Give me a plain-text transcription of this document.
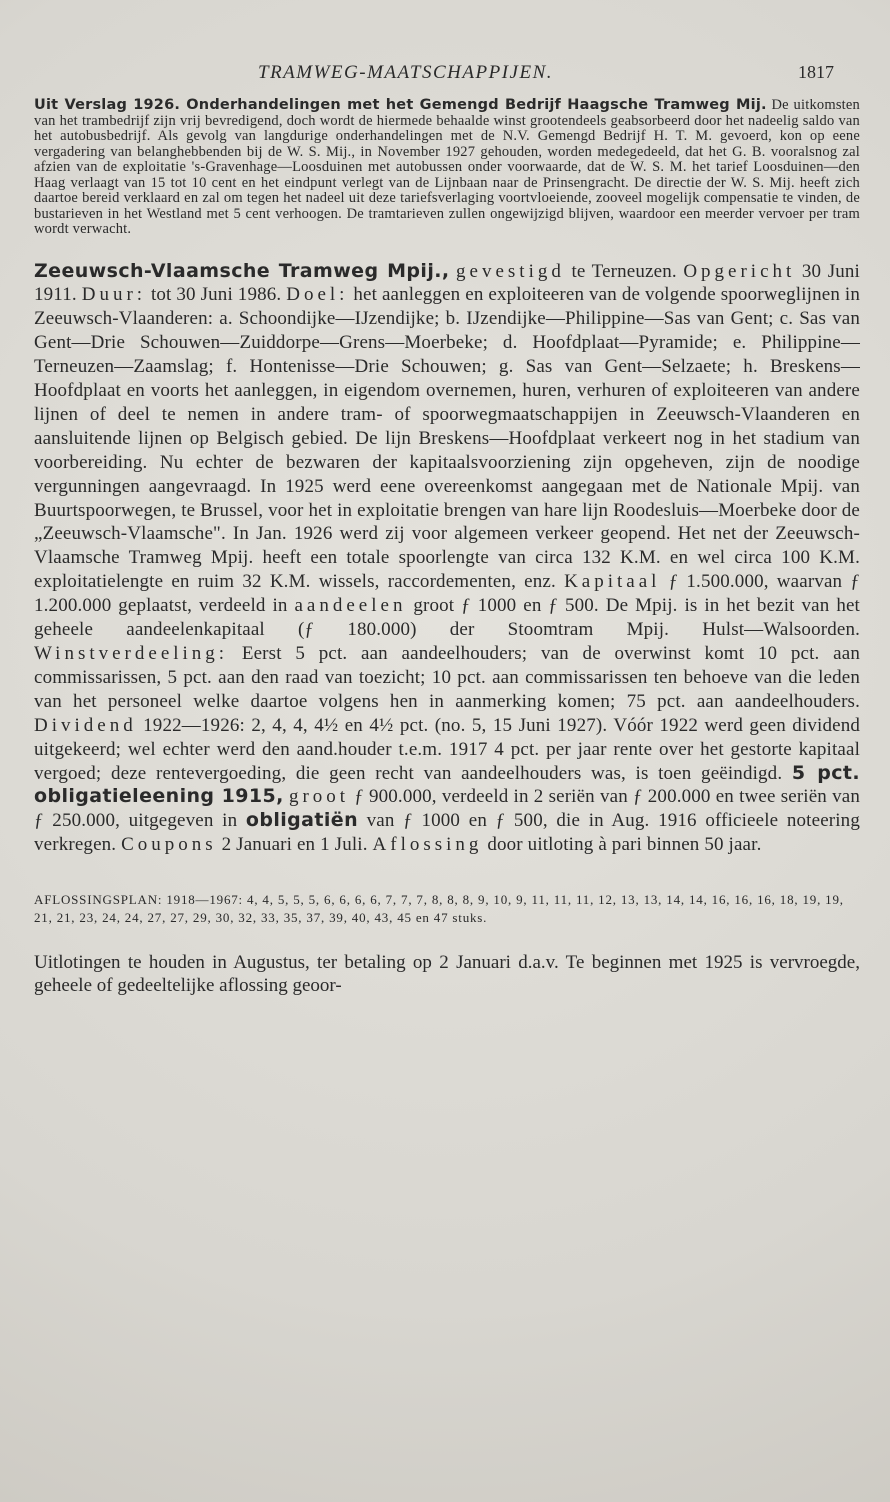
TRAMWEG-MAATSCHAPPIJEN.	1817

Uit Verslag 1926. Onderhandelingen met het Gemengd Bedrijf Haagsche Tramweg Mij. De uitkomsten van het trambedrijf zijn vrij bevredigend, doch wordt de hiermede behaalde winst grootendeels geabsorbeerd door het nadeelig saldo van het autobusbedrijf. Als gevolg van langdurige onderhandelingen met de N.V. Gemengd Bedrijf H. T. M. gevoerd, kon op eene vergadering van belanghebbenden bij de W. S. Mij., in November 1927 gehouden, worden medegedeeld, dat het G. B. vooralsnog zal afzien van de exploitatie 's-Gravenhage—Loosduinen met autobussen onder voorwaarde, dat de W. S. M. het tarief Loosduinen—den Haag verlaagt van 15 tot 10 cent en het eindpunt verlegt van de Lijnbaan naar de Prinsengracht. De directie der W. S. Mij. heeft zich daartoe bereid verklaard en zal om tegen het nadeel uit deze tariefsverlaging voortvloeiende, zooveel mogelijk compensatie te vinden, de bustarieven in het Westland met 5 cent verhoogen. De tramtarieven zullen ongewijzigd blijven, waardoor een meerder vervoer per tram wordt verwacht.

Zeeuwsch-Vlaamsche Tramweg Mpij., gevestigd te Terneuzen. Opgericht 30 Juni 1911. Duur: tot 30 Juni 1986. Doel: het aanleggen en exploiteeren van de volgende spoorweglijnen in Zeeuwsch-Vlaanderen: a. Schoondijke—IJzendijke; b. IJzendijke—Philippine—Sas van Gent; c. Sas van Gent—Drie Schouwen—Zuiddorpe—Grens—Moerbeke; d. Hoofdplaat—Pyramide; e. Philippine—Terneuzen—Zaamslag; f. Hontenisse—Drie Schouwen; g. Sas van Gent—Selzaete; h. Breskens—Hoofdplaat en voorts het aanleggen, in eigendom overnemen, huren, verhuren of exploiteeren van andere lijnen of deel te nemen in andere tram- of spoorwegmaatschappijen in Zeeuwsch-Vlaanderen en aansluitende lijnen op Belgisch gebied. De lijn Breskens—Hoofdplaat verkeert nog in het stadium van voorbereiding. Nu echter de bezwaren der kapitaalsvoorziening zijn opgeheven, zijn de noodige vergunningen aangevraagd. In 1925 werd eene overeenkomst aangegaan met de Nationale Mpij. van Buurtspoorwegen, te Brussel, voor het in exploitatie brengen van hare lijn Roodesluis—Moerbeke door de „Zeeuwsch-Vlaamsche". In Jan. 1926 werd zij voor algemeen verkeer geopend. Het net der Zeeuwsch-Vlaamsche Tramweg Mpij. heeft een totale spoorlengte van circa 132 K.M. en wel circa 100 K.M. exploitatielengte en ruim 32 K.M. wissels, raccordementen, enz. Kapitaal ƒ 1.500.000, waarvan ƒ 1.200.000 geplaatst, verdeeld in aandeelen groot ƒ 1000 en ƒ 500. De Mpij. is in het bezit van het geheele aandeelenkapitaal (ƒ 180.000) der Stoomtram Mpij. Hulst—Walsoorden. Winstverdeeling: Eerst 5 pct. aan aandeelhouders; van de overwinst komt 10 pct. aan commissarissen, 5 pct. aan den raad van toezicht; 10 pct. aan commissarissen ten behoeve van die leden van het personeel welke daartoe volgens hen in aanmerking komen; 75 pct. aan aandeelhouders. Dividend 1922—1926: 2, 4, 4, 4½ en 4½ pct. (no. 5, 15 Juni 1927). Vóór 1922 werd geen dividend uitgekeerd; wel echter werd den aand.houder t.e.m. 1917 4 pct. per jaar rente over het gestorte kapitaal vergoed; deze rentevergoeding, die geen recht van aandeelhouders was, is toen geëindigd. 5 pct. obligatieleening 1915, groot ƒ 900.000, verdeeld in 2 seriën van ƒ 200.000 en twee seriën van ƒ 250.000, uitgegeven in obligatiën van ƒ 1000 en ƒ 500, die in Aug. 1916 officieele noteering verkregen. Coupons 2 Januari en 1 Juli. Aflossing door uitloting à pari binnen 50 jaar.

AFLOSSINGSPLAN: 1918—1967: 4, 4, 5, 5, 5, 6, 6, 6, 6, 7, 7, 7, 8, 8, 8, 9, 10, 9, 11, 11, 11, 12, 13, 13, 14, 14, 16, 16, 16, 18, 19, 19, 21, 21, 23, 24, 24, 27, 27, 29, 30, 32, 33, 35, 37, 39, 40, 43, 45 en 47 stuks.

Uitlotingen te houden in Augustus, ter betaling op 2 Januari d.a.v. Te beginnen met 1925 is vervroegde, geheele of gedeeltelijke aflossing geoor-
